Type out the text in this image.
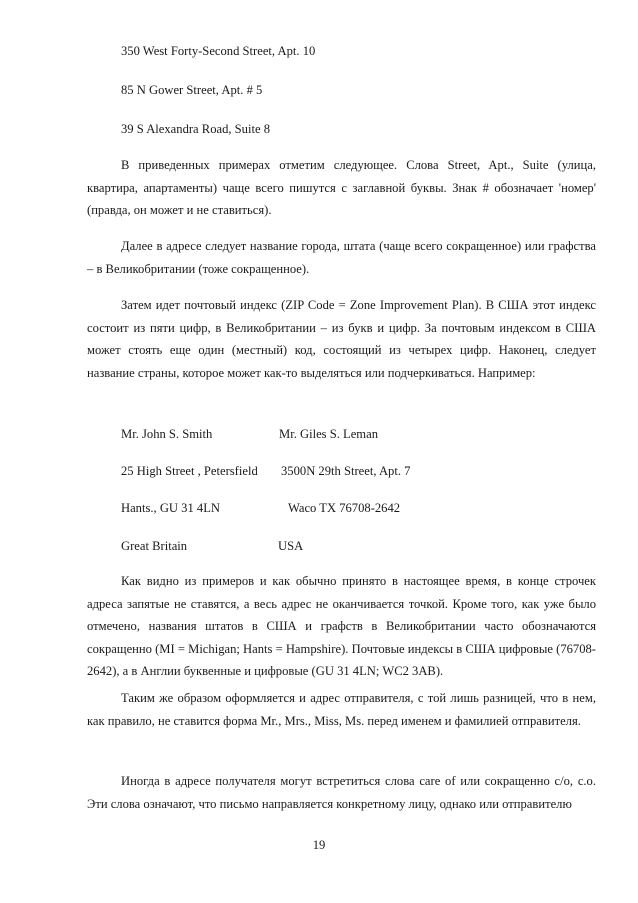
350 West Forty-Second Street, Apt. 10
85 N Gower Street, Apt. # 5
39 S Alexandra Road, Suite 8

В приведенных примерах отметим следующее. Слова Street, Apt., Suite (улица, квартира, апартаменты) чаще всего пишутся с заглавной буквы. Знак # обозначает 'номер' (правда, он может и не ставиться).

Далее в адресе следует название города, штата (чаще всего сокращенное) или графства – в Великобритании (тоже сокращенное).

Затем идет почтовый индекс (ZIP Code = Zone Improvement Plan). В США этот индекс состоит из пяти цифр, в Великобритании – из букв и цифр. За почтовым индексом в США может стоять еще один (местный) код, состоящий из четырех цифр. Наконец, следует название страны, которое может как-то выделяться или подчеркиваться. Например:

Mr. John S. Smith	Mr. Giles S. Leman
25 High Street , Petersfield 3500N 29th Street, Apt. 7
Hants., GU 31 4LN	Waco TX 76708-2642
Great Britain	USA

Как видно из примеров и как обычно принято в настоящее время, в конце строчек адреса запятые не ставятся, а весь адрес не оканчивается точкой. Кроме того, как уже было отмечено, названия штатов в США и графств в Великобритании часто обозначаются сокращенно (MI = Michigan; Hants = Hampshire). Почтовые индексы в США цифровые (76708-2642), а в Англии буквенные и цифровые (GU 31 4LN; WC2 3AB).

Таким же образом оформляется и адрес отправителя, с той лишь разницей, что в нем, как правило, не ставится форма Mr., Mrs., Miss, Ms. перед именем и фамилией отправителя.

Иногда в адресе получателя могут встретиться слова care of или сокращенно c/o, c.o. Эти слова означают, что письмо направляется конкретному лицу, однако или отправителю

19
